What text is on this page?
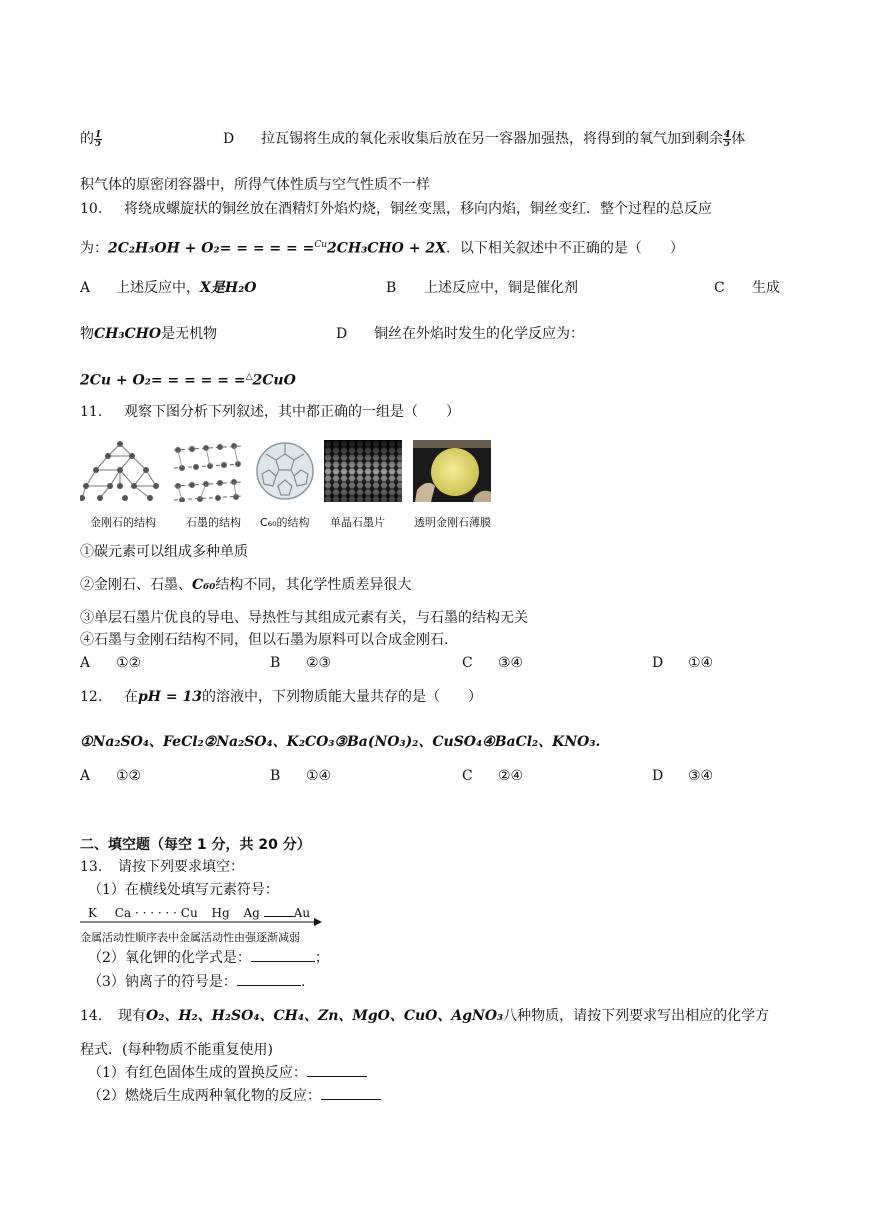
的 $\frac{1}{5}$	D 拉瓦锡将生成的氧化汞收集后放在另一容器加强热，将得到的氧气加到剩余 $\frac{4}{5}$ 体
积气体的原密闭容器中，所得气体性质与空气性质不一样
10. 将绕成螺旋状的铜丝放在酒精灯外焰灼烧，铜丝变黑，移向内焰，铜丝变红．整个过程的总反应
为：2C₂H₅OH + O₂= = = = = =$^{Cu}$2CH₃CHO + 2X．以下相关叙述中不正确的是（　　）
A 上述反应中，X是H₂O	B 上述反应中，铜是催化剂	C 生成
物CH₃CHO是无机物	D 铜丝在外焰时发生的化学反应为：
2Cu + O₂= = = = = =△2CuO
11. 观察下图分析下列叙述，其中都正确的一组是（　　）
金刚石的结构	石墨的结构 C₆₀的结构 单晶石墨片	透明金刚石薄膜
①碳元素可以组成多种单质
②金刚石、石墨、C₆₀结构不同，其化学性质差异很大
③单层石墨片优良的导电、导热性与其组成元素有关，与石墨的结构无关
④石墨与金刚石结构不同，但以石墨为原料可以合成金刚石.
A ①②	B ②③	C ③④	D ①④
12. 在pH = 13的溶液中，下列物质能大量共存的是（　　）
①Na₂SO₄、FeCl₂②Na₂SO₄、K₂CO₃③Ba(NO₃)₂、CuSO₄④BaCl₂、KNO₃.
A ①②	B ①④	C ②④	D ③④
二、填空题（每空 1 分，共 20 分）
13. 请按下列要求填空：
（1）在横线处填写元素符号：
K Ca · · · · · · Cu Hg Ag	Au
金属活动性顺序表中金属活动性由强逐渐减弱
（2）氧化钾的化学式是：	；
（3）钠离子的符号是：	.
14. 现有O₂、H₂、H₂SO₄、CH₄、Zn、MgO、CuO、AgNO₃八种物质，请按下列要求写出相应的化学方
程式．(每种物质不能重复使用)
（1）有红色固体生成的置换反应：
（2）燃烧后生成两种氧化物的反应：
